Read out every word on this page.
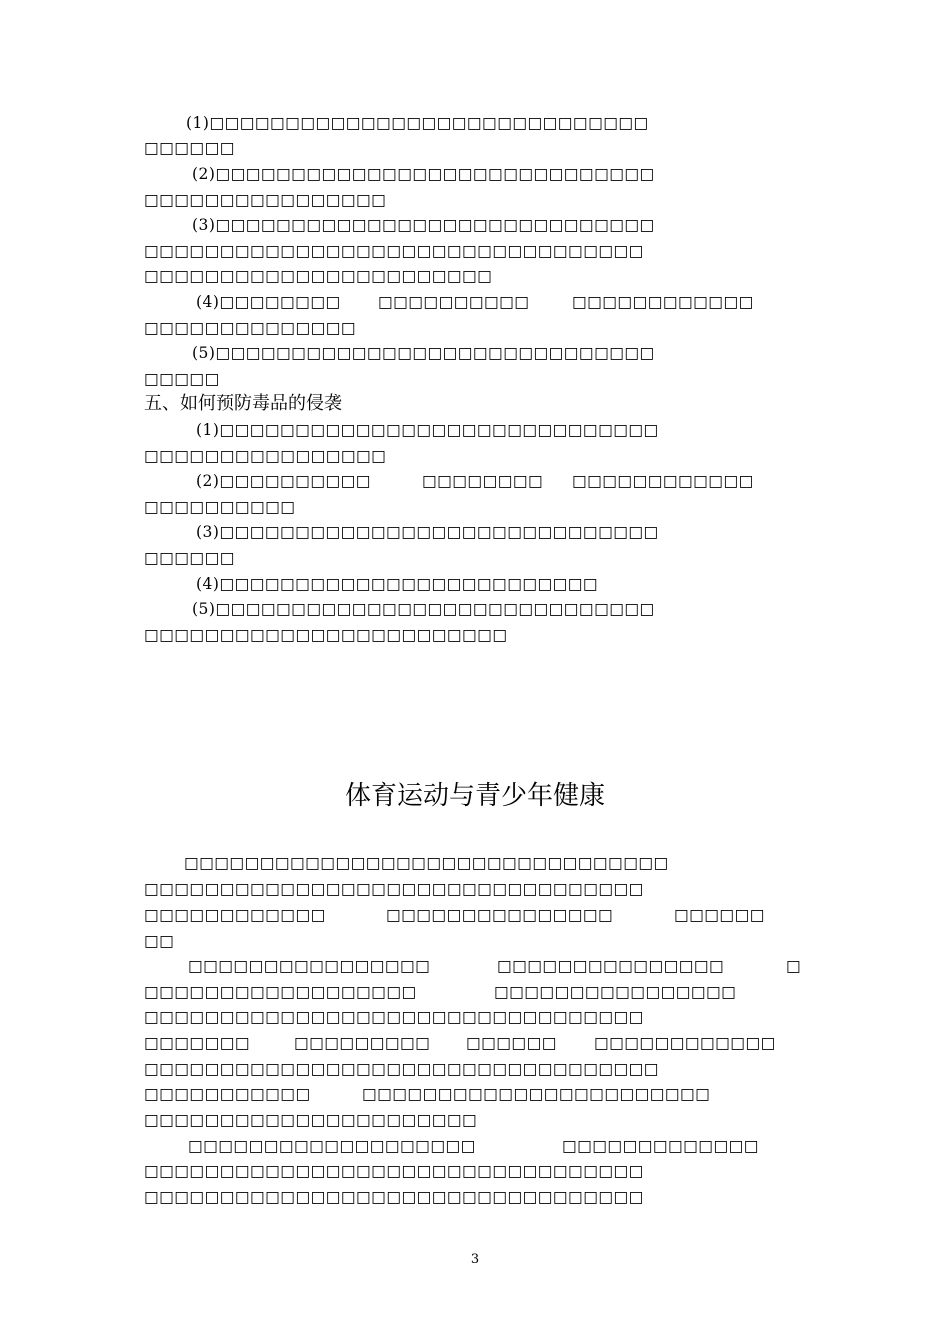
(1)□□□□□□□□□□□□□□□□□□□□□□□□□□□□□
□□□□□□
(2)□□□□□□□□□□□□□□□□□□□□□□□□□□□□□
□□□□□□□□□□□□□□□□
(3)□□□□□□□□□□□□□□□□□□□□□□□□□□□□□
□□□□□□□□□□□□□□□□□□□□□□□□□□□□□□□□□
□□□□□□□□□□□□□□□□□□□□□□□
(4)□□□□□□□□ □□□□□□□□□□	□□□□□□□□□□□□
□□□□□□□□□□□□□□
(5)□□□□□□□□□□□□□□□□□□□□□□□□□□□□□
□□□□□
五、如何预防毒品的侵袭
(1)□□□□□□□□□□□□□□□□□□□□□□□□□□□□□
□□□□□□□□□□□□□□□□
(2)□□□□□□□□□□	□□□□□□□□ □□□□□□□□□□□□
□□□□□□□□□□
(3)□□□□□□□□□□□□□□□□□□□□□□□□□□□□□
□□□□□□
(4)□□□□□□□□□□□□□□□□□□□□□□□□□
(5)□□□□□□□□□□□□□□□□□□□□□□□□□□□□□
□□□□□□□□□□□□□□□□□□□□□□□□
体育运动与青少年健康
□□□□□□□□□□□□□□□□□□□□□□□□□□□□□□□□
□□□□□□□□□□□□□□□□□□□□□□□□□□□□□□□□□
□□□□□□□□□□□□	□□□□□□□□□□□□□□□	□□□□□□
□□
□□□□□□□□□□□□□□□□	□□□□□□□□□□□□□□□	□
□□□□□□□□□□□□□□□□□□	□□□□□□□□□□□□□□□□
□□□□□□□□□□□□□□□□□□□□□□□□□□□□□□□□□
□□□□□□□	□□□□□□□□□ □□□□□□ □□□□□□□□□□□□
□□□□□□□□□□□□□□□□□□□□□□□□□□□□□□□□□□
□□□□□□□□□□□	□□□□□□□□□□□□□□□□□□□□□□□
□□□□□□□□□□□□□□□□□□□□□□
□□□□□□□□□□□□□□□□□□□	□□□□□□□□□□□□□
□□□□□□□□□□□□□□□□□□□□□□□□□□□□□□□□□
□□□□□□□□□□□□□□□□□□□□□□□□□□□□□□□□□
3
